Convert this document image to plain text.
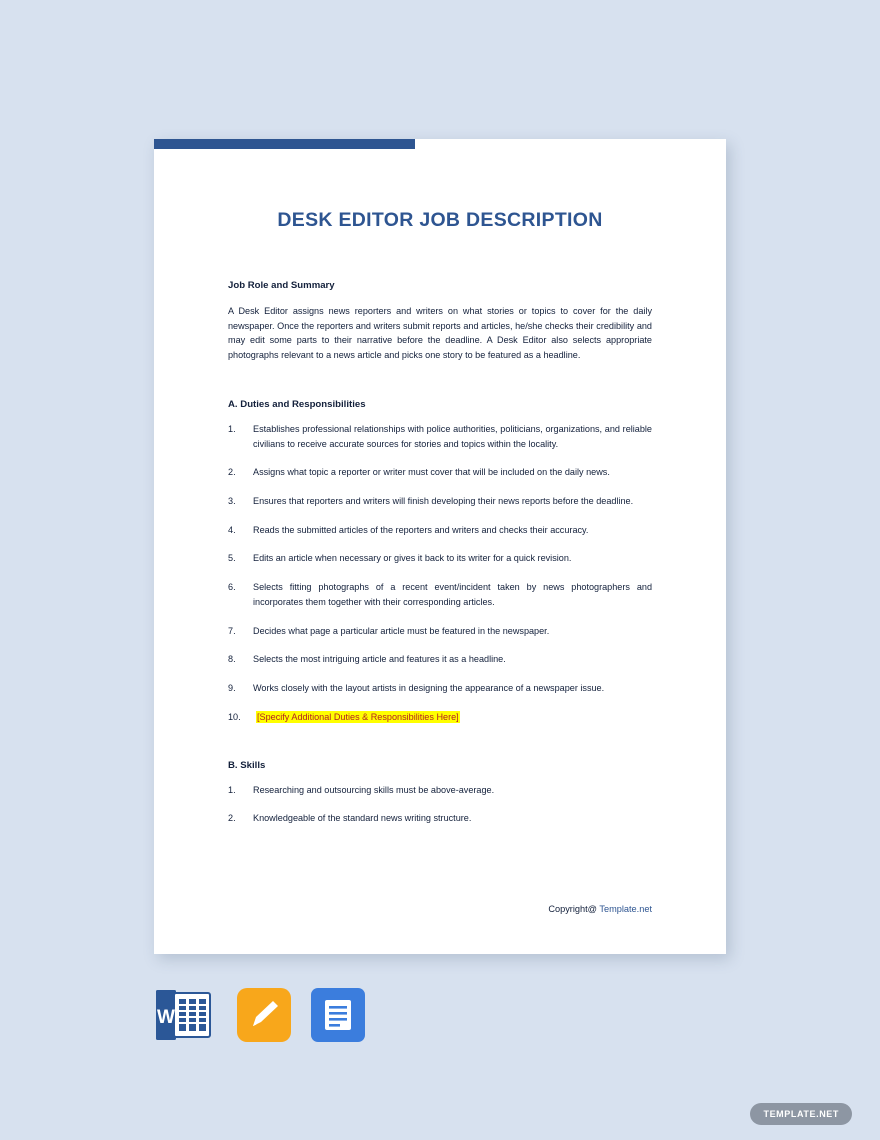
DESK EDITOR JOB DESCRIPTION
Job Role and Summary

A Desk Editor assigns news reporters and writers on what stories or topics to cover for the daily newspaper. Once the reporters and writers submit reports and articles, he/she checks their credibility and may edit some parts to their narrative before the deadline. A Desk Editor also selects appropriate photographs relevant to a news article and picks one story to be featured as a headline.

A. Duties and Responsibilities
Establishes professional relationships with police authorities, politicians, organizations, and reliable civilians to receive accurate sources for stories and topics within the locality.
Assigns what topic a reporter or writer must cover that will be included on the daily news.
Ensures that reporters and writers will finish developing their news reports before the deadline.
Reads the submitted articles of the reporters and writers and checks their accuracy.
Edits an article when necessary or gives it back to its writer for a quick revision.
Selects fitting photographs of a recent event/incident taken by news photographers and incorporates them together with their corresponding articles.
Decides what page a particular article must be featured in the newspaper.
Selects the most intriguing article and features it as a headline.
Works closely with the layout artists in designing the appearance of a newspaper issue.
[Specify Additional Duties & Responsibilities Here]
B. Skills
Researching and outsourcing skills must be above-average.
Knowledgeable of the standard news writing structure.
Copyright@ Template.net
W
TEMPLATE.NET
